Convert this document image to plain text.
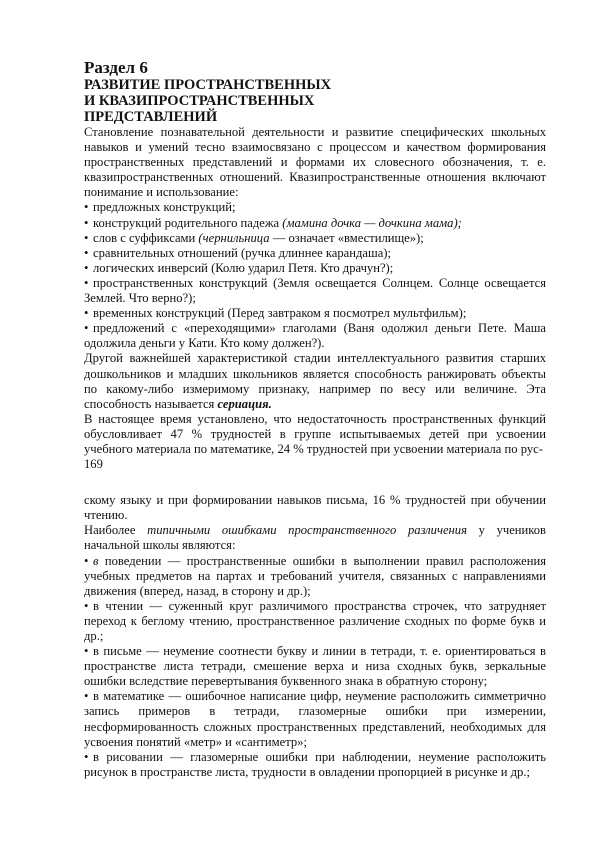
Раздел 6

РАЗВИТИЕ ПРОСТРАНСТВЕННЫХ

И КВАЗИПРОСТРАНСТВЕННЫХ

ПРЕДСТАВЛЕНИЙ

Становление познавательной деятельности и развитие специфических школьных навыков и умений тесно взаимосвязано с процессом и качеством формирования пространственных представлений и формами их словесного обозначения, т. е. квазипространственных отношений. Квазипространственные отношения включают понимание и использование:

• предложных конструкций;

• конструкций родительного падежа (мамина дочка — дочкина мама);

• слов с суффиксами (чернильница — означает «вместилище»);

• сравнительных отношений (ручка длиннее карандаша);

• логических инверсий (Колю ударил Петя. Кто драчун?);

• пространственных конструкций (Земля освещается Солнцем. Солнце освещается Землей. Что верно?);

• временных конструкций (Перед завтраком я посмотрел мультфильм);

• предложений с «переходящими» глаголами (Ваня одолжил деньги Пете. Маша одолжила деньги у Кати. Кто кому должен?).

Другой важнейшей характеристикой стадии интеллектуального развития старших дошкольников и младших школьников является способность ранжировать объекты по какому-либо измеримому признаку, например по весу или величине. Эта способность называется сериация.

В настоящее время установлено, что недостаточность пространственных функций обусловливает 47 % трудностей в группе испытываемых детей при усвоении учебного материала по математике, 24 % трудностей при усвоении материала по рус-

169

скому языку и при формировании навыков письма, 16 % трудностей при обучении чтению.

Наиболее типичными ошибками пространственного различения у учеников начальной школы являются:

• в поведении — пространственные ошибки в выполнении правил расположения учебных предметов на партах и требований учителя, связанных с направлениями движения (вперед, назад, в сторону и др.);

• в чтении — суженный круг различимого пространства строчек, что затрудняет переход к беглому чтению, пространственное различение сходных по форме букв и др.;

• в письме — неумение соотнести букву и линии в тетради, т. е. ориентироваться в пространстве листа тетради, смешение верха и низа сходных букв, зеркальные ошибки вследствие перевертывания буквенного знака в обратную сторону;

• в математике — ошибочное написание цифр, неумение расположить симметрично запись примеров в тетради, глазомерные ошибки при измерении, несформированность сложных пространственных представлений, необходимых для усвоения понятий «метр» и «сантиметр»;

• в рисовании — глазомерные ошибки при наблюдении, неумение расположить рисунок в пространстве листа, трудности в овладении пропорцией в рисунке и др.;
